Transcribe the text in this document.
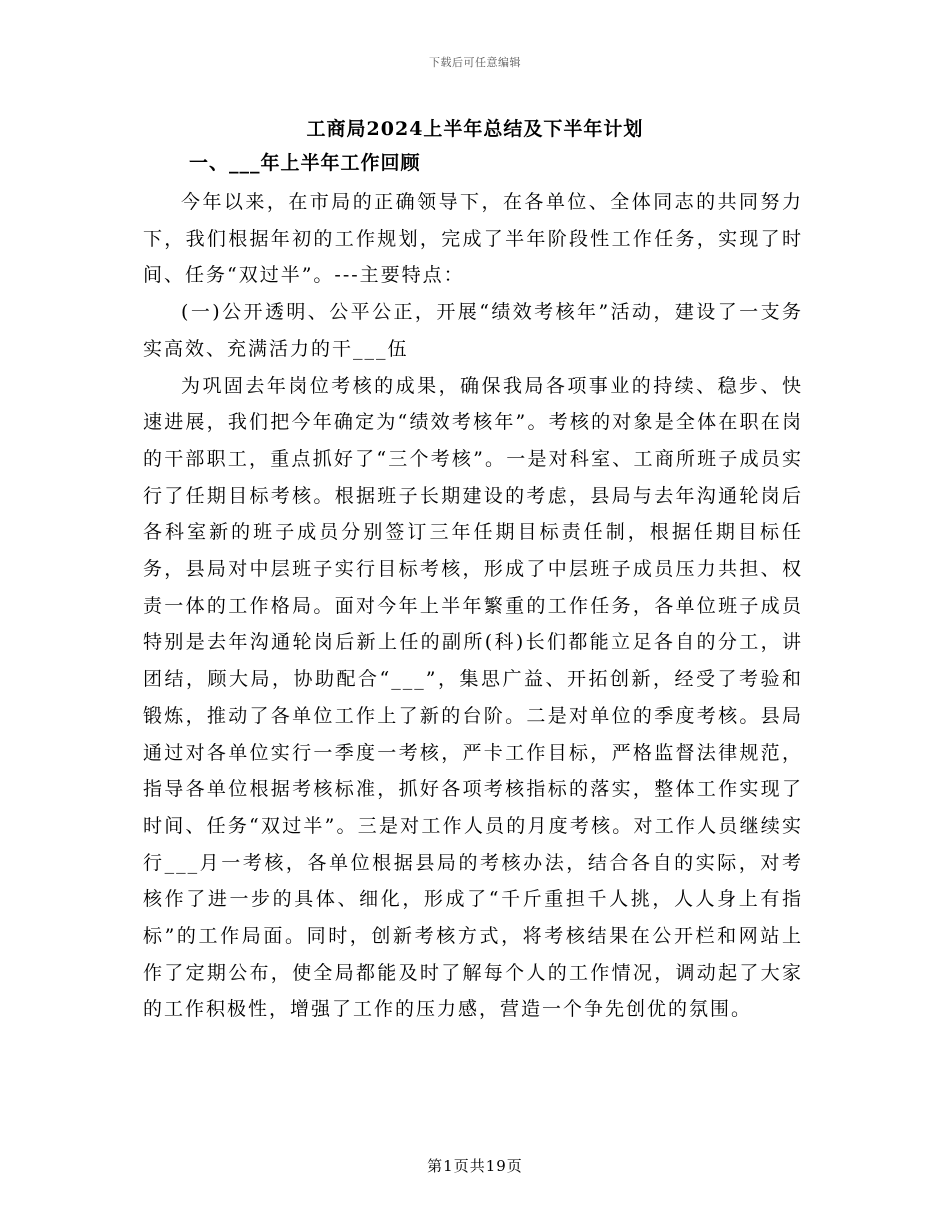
下载后可任意编辑
工商局2024上半年总结及下半年计划
一、___年上半年工作回顾

今年以来，在市局的正确领导下，在各单位、全体同志的共同努力下，我们根据年初的工作规划，完成了半年阶段性工作任务，实现了时间、任务“双过半”。---主要特点：

(一)公开透明、公平公正，开展“绩效考核年”活动，建设了一支务实高效、充满活力的干___伍

为巩固去年岗位考核的成果，确保我局各项事业的持续、稳步、快速进展，我们把今年确定为“绩效考核年”。考核的对象是全体在职在岗的干部职工，重点抓好了“三个考核”。一是对科室、工商所班子成员实行了任期目标考核。根据班子长期建设的考虑，县局与去年沟通轮岗后各科室新的班子成员分别签订三年任期目标责任制，根据任期目标任务，县局对中层班子实行目标考核，形成了中层班子成员压力共担、权责一体的工作格局。面对今年上半年繁重的工作任务，各单位班子成员特别是去年沟通轮岗后新上任的副所(科)长们都能立足各自的分工，讲团结，顾大局，协助配合“___”，集思广益、开拓创新，经受了考验和锻炼，推动了各单位工作上了新的台阶。二是对单位的季度考核。县局通过对各单位实行一季度一考核，严卡工作目标，严格监督法律规范，指导各单位根据考核标准，抓好各项考核指标的落实，整体工作实现了时间、任务“双过半”。三是对工作人员的月度考核。对工作人员继续实行___月一考核，各单位根据县局的考核办法，结合各自的实际，对考核作了进一步的具体、细化，形成了“千斤重担千人挑，人人身上有指标”的工作局面。同时，创新考核方式，将考核结果在公开栏和网站上作了定期公布，使全局都能及时了解每个人的工作情况，调动起了大家的工作积极性，增强了工作的压力感，营造一个争先创优的氛围。

第1页共19页
